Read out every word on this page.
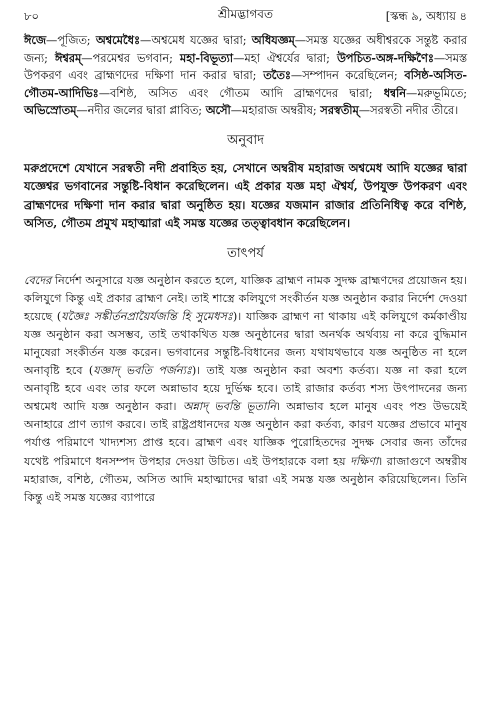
৮০	শ্রীমদ্ভাগবত	[স্কন্ধ ৯, অধ্যায় ৪

ঈজে—পূজিত; অশ্বমেধৈঃ—অশ্বমেধ যজ্ঞের দ্বারা; অধিযজ্ঞম্—সমস্ত যজ্ঞের অধীশ্বরকে সন্তুষ্ট করার জন্য; ঈশ্বরম্—পরমেশ্বর ভগবান; মহা-বিভূত্যা—মহা ঐশ্বর্যের দ্বারা; উপচিত-অঙ্গ-দক্ষিণৈঃ—সমস্ত উপকরণ এবং ব্রাহ্মণদের দক্ষিণা দান করার দ্বারা; ততৈঃ—সম্পাদন করেছিলেন; বসিষ্ঠ-অসিত-গৌতম-আদিভিঃ—বশিষ্ঠ, অসিত এবং গৌতম আদি ব্রাহ্মণদের দ্বারা; ধন্বনি—মরুভূমিতে; অভিস্রোতম্—নদীর জলের দ্বারা প্লাবিত; অসৌ—মহারাজ অম্বরীষ; সরস্বতীম্—সরস্বতী নদীর তীরে।

অনুবাদ

মরুপ্রদেশে যেখানে সরস্বতী নদী প্রবাহিত হয়, সেখানে অম্বরীষ মহারাজ অশ্বমেধ আদি যজ্ঞের দ্বারা যজ্ঞেশ্বর ভগবানের সন্তুষ্টি-বিধান করেছিলেন। এই প্রকার যজ্ঞ মহা ঐশ্বর্য, উপযুক্ত উপকরণ এবং ব্রাহ্মণদের দক্ষিণা দান করার দ্বারা অনুষ্ঠিত হয়। যজ্ঞের যজমান রাজার প্রতিনিধিত্ব করে বশিষ্ঠ, অসিত, গৌতম প্রমুখ মহাত্মারা এই সমস্ত যজ্ঞের তত্ত্বাবধান করেছিলেন।

তাৎপর্য

বেদের নির্দেশ অনুসারে যজ্ঞ অনুষ্ঠান করতে হলে, যাজ্ঞিক ব্রাহ্মণ নামক সুদক্ষ ব্রাহ্মণদের প্রয়োজন হয়। কলিযুগে কিন্তু এই প্রকার ব্রাহ্মণ নেই। তাই শাস্ত্রে কলিযুগে সংকীর্তন যজ্ঞ অনুষ্ঠান করার নির্দেশ দেওয়া হয়েছে (যজ্ঞৈঃ সঙ্কীর্তনপ্রায়ৈর্যজন্তি হি সুমেধসঃ)। যাজ্ঞিক ব্রাহ্মণ না থাকায় এই কলিযুগে কর্মকাণ্ডীয় যজ্ঞ অনুষ্ঠান করা অসম্ভব, তাই তথাকথিত যজ্ঞ অনুষ্ঠানের দ্বারা অনর্থক অর্থব্যয় না করে বুদ্ধিমান মানুষেরা সংকীর্তন যজ্ঞ করেন। ভগবানের সন্তুষ্টি-বিধানের জন্য যথাযথভাবে যজ্ঞ অনুষ্ঠিত না হলে অনাবৃষ্টি হবে (যজ্ঞাদ্ ভবতি পর্জন্যঃ)। তাই যজ্ঞ অনুষ্ঠান করা অবশ্য কর্তব্য। যজ্ঞ না করা হলে অনাবৃষ্টি হবে এবং তার ফলে অন্নাভাব হয়ে দুর্ভিক্ষ হবে। তাই রাজার কর্তব্য শস্য উৎপাদনের জন্য অশ্বমেধ আদি যজ্ঞ অনুষ্ঠান করা। অন্নাদ্ ভবন্তি ভূতানি। অন্নাভাব হলে মানুষ এবং পশু উভয়েই অনাহারে প্রাণ ত্যাগ করবে। তাই রাষ্ট্রপ্রধানদের যজ্ঞ অনুষ্ঠান করা কর্তব্য, কারণ যজ্ঞের প্রভাবে মানুষ পর্যাপ্ত পরিমাণে খাদ্যশস্য প্রাপ্ত হবে। ব্রাহ্মণ এবং যাজ্ঞিক পুরোহিতদের সুদক্ষ সেবার জন্য তাঁদের যথেষ্ট পরিমাণে ধনসম্পদ উপহার দেওয়া উচিত। এই উপহারকে বলা হয় দক্ষিণা। রাজাগুণে অম্বরীষ মহারাজ, বশিষ্ঠ, গৌতম, অসিত আদি মহাত্মাদের দ্বারা এই সমস্ত যজ্ঞ অনুষ্ঠান করিয়েছিলেন। তিনি কিন্তু এই সমস্ত যজ্ঞের ব্যাপারে
